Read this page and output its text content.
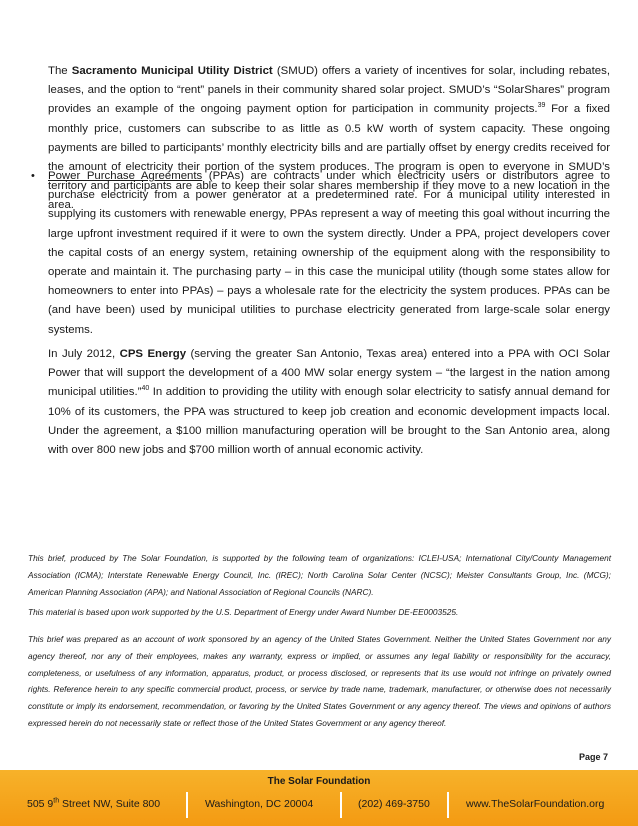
The Sacramento Municipal Utility District (SMUD) offers a variety of incentives for solar, including rebates, leases, and the option to “rent” panels in their community shared solar project. SMUD’s “SolarShares” program provides an example of the ongoing payment option for participation in community projects.$^{39}$ For a fixed monthly price, customers can subscribe to as little as 0.5 kW worth of system capacity. These ongoing payments are billed to participants’ monthly electricity bills and are partially offset by energy credits received for the amount of electricity their portion of the system produces. The program is open to everyone in SMUD’s territory and participants are able to keep their solar shares membership if they move to a new location in the area.

• Power Purchase Agreements (PPAs) are contracts under which electricity users or distributors agree to purchase electricity from a power generator at a predetermined rate. For a municipal utility interested in supplying its customers with renewable energy, PPAs represent a way of meeting this goal without incurring the large upfront investment required if it were to own the system directly. Under a PPA, project developers cover the capital costs of an energy system, retaining ownership of the equipment along with the responsibility to operate and maintain it. The purchasing party – in this case the municipal utility (though some states allow for homeowners to enter into PPAs) – pays a wholesale rate for the electricity the system produces. PPAs can be (and have been) used by municipal utilities to purchase electricity generated from large-scale solar energy systems.

In July 2012, CPS Energy (serving the greater San Antonio, Texas area) entered into a PPA with OCI Solar Power that will support the development of a 400 MW solar energy system – “the largest in the nation among municipal utilities.”$^{40}$ In addition to providing the utility with enough solar electricity to satisfy annual demand for 10% of its customers, the PPA was structured to keep job creation and economic development impacts local. Under the agreement, a $100 million manufacturing operation will be brought to the San Antonio area, along with over 800 new jobs and $700 million worth of annual economic activity.

This brief, produced by The Solar Foundation, is supported by the following team of organizations: ICLEI-USA; International City/County Management Association (ICMA); Interstate Renewable Energy Council, Inc. (IREC); North Carolina Solar Center (NCSC); Meister Consultants Group, Inc. (MCG); American Planning Association (APA); and National Association of Regional Councils (NARC).

This material is based upon work supported by the U.S. Department of Energy under Award Number DE-EE0003525.

This brief was prepared as an account of work sponsored by an agency of the United States Government. Neither the United States Government nor any agency thereof, nor any of their employees, makes any warranty, express or implied, or assumes any legal liability or responsibility for the accuracy, completeness, or usefulness of any information, apparatus, product, or process disclosed, or represents that its use would not infringe on privately owned rights. Reference herein to any specific commercial product, process, or service by trade name, trademark, manufacturer, or otherwise does not necessarily constitute or imply its endorsement, recommendation, or favoring by the United States Government or any agency thereof. The views and opinions of authors expressed herein do not necessarily state or reflect those of the United States Government or any agency thereof.

Page 7
The Solar Foundation
505 9th Street NW, Suite 800	Washington, DC 20004	(202) 469-3750	www.TheSolarFoundation.org
